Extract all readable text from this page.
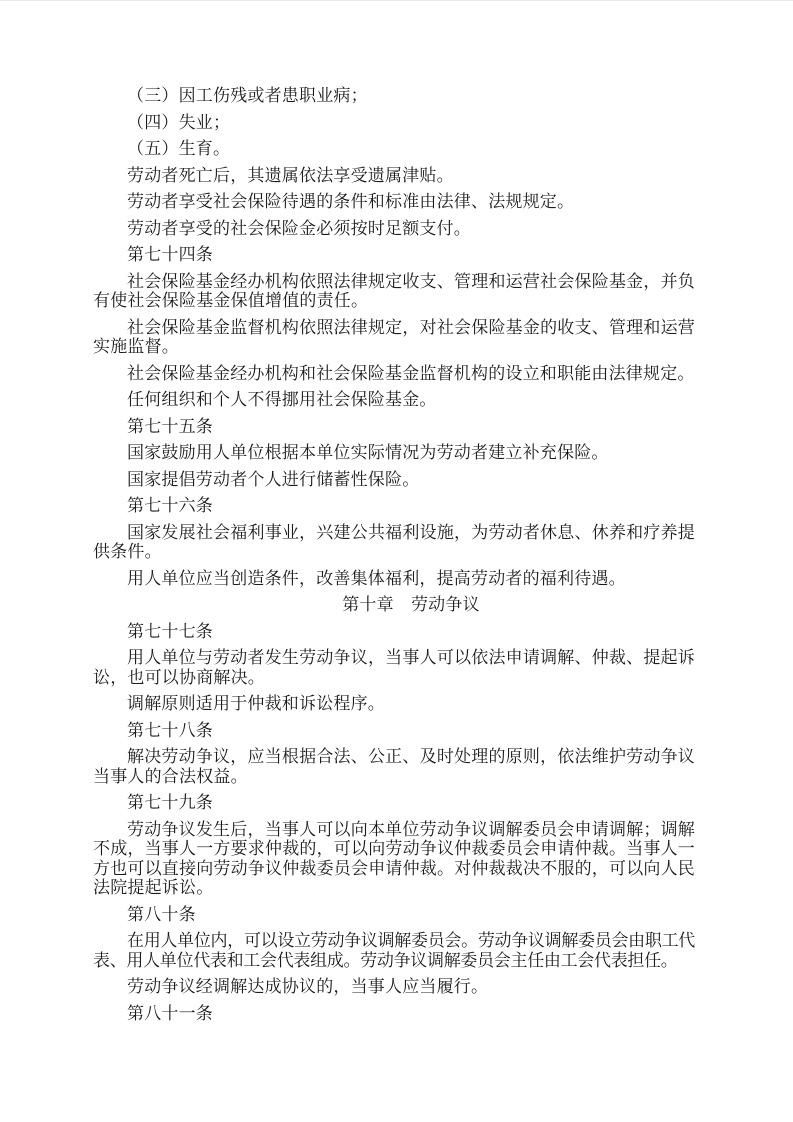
（三）因工伤残或者患职业病；

（四）失业；

（五）生育。

劳动者死亡后，其遗属依法享受遗属津贴。

劳动者享受社会保险待遇的条件和标准由法律、法规规定。

劳动者享受的社会保险金必须按时足额支付。

第七十四条

社会保险基金经办机构依照法律规定收支、管理和运营社会保险基金，并负有使社会保险基金保值增值的责任。

社会保险基金监督机构依照法律规定，对社会保险基金的收支、管理和运营实施监督。

社会保险基金经办机构和社会保险基金监督机构的设立和职能由法律规定。

任何组织和个人不得挪用社会保险基金。

第七十五条

国家鼓励用人单位根据本单位实际情况为劳动者建立补充保险。

国家提倡劳动者个人进行储蓄性保险。

第七十六条

国家发展社会福利事业，兴建公共福利设施，为劳动者休息、休养和疗养提供条件。

用人单位应当创造条件，改善集体福利，提高劳动者的福利待遇。

第十章　劳动争议

第七十七条

用人单位与劳动者发生劳动争议，当事人可以依法申请调解、仲裁、提起诉讼，也可以协商解决。

调解原则适用于仲裁和诉讼程序。

第七十八条

解决劳动争议，应当根据合法、公正、及时处理的原则，依法维护劳动争议当事人的合法权益。

第七十九条

劳动争议发生后，当事人可以向本单位劳动争议调解委员会申请调解；调解不成，当事人一方要求仲裁的，可以向劳动争议仲裁委员会申请仲裁。当事人一方也可以直接向劳动争议仲裁委员会申请仲裁。对仲裁裁决不服的，可以向人民法院提起诉讼。

第八十条

在用人单位内，可以设立劳动争议调解委员会。劳动争议调解委员会由职工代表、用人单位代表和工会代表组成。劳动争议调解委员会主任由工会代表担任。

劳动争议经调解达成协议的，当事人应当履行。

第八十一条
